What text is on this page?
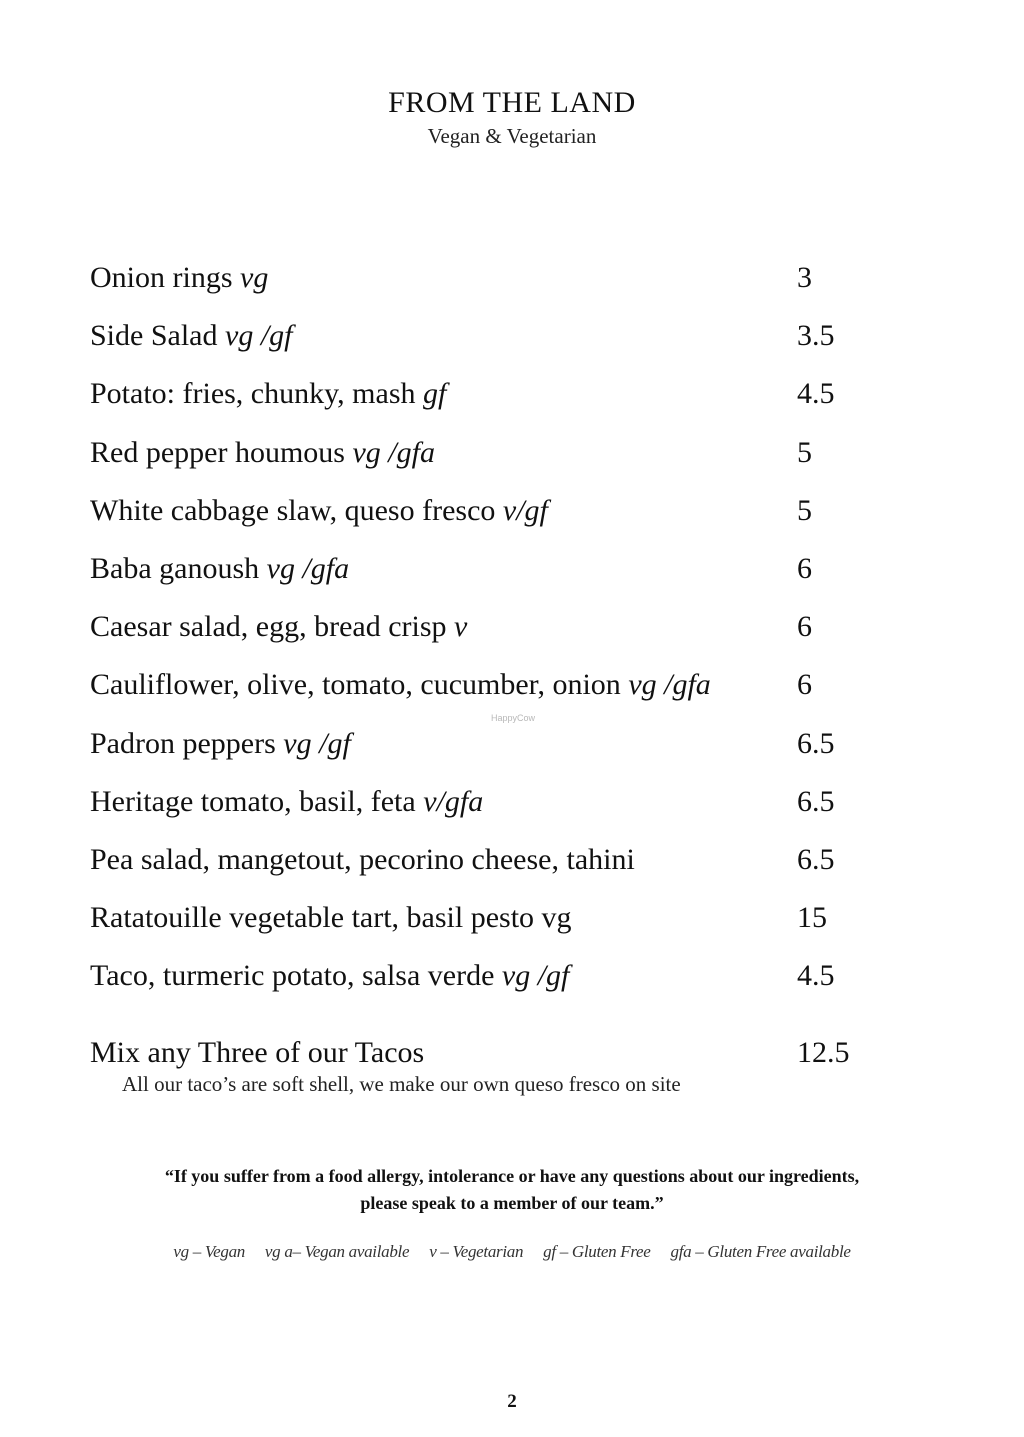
FROM THE LAND
Vegan & Vegetarian
Onion rings vg	3
Side Salad vg /gf	3.5
Potato: fries, chunky, mash gf	4.5
Red pepper houmous vg /gfa	5
White cabbage slaw, queso fresco v/gf	5
Baba ganoush vg /gfa	6
Caesar salad, egg, bread crisp v	6
Cauliflower, olive, tomato, cucumber, onion vg /gfa	6
Padron peppers vg /gf	6.5
Heritage tomato, basil, feta v/gfa	6.5
Pea salad, mangetout, pecorino cheese, tahini	6.5
Ratatouille vegetable tart, basil pesto vg	15
Taco, turmeric potato, salsa verde vg /gf	4.5
HappyCow
Mix any Three of our Tacos	12.5
All our taco’s are soft shell, we make our own queso fresco on site
“If you suffer from a food allergy, intolerance or have any questions about our ingredients,
please speak to a member of our team.”
vg – Vegan vg a– Vegan available v – Vegetarian gf – Gluten Free gfa – Gluten Free available
2
